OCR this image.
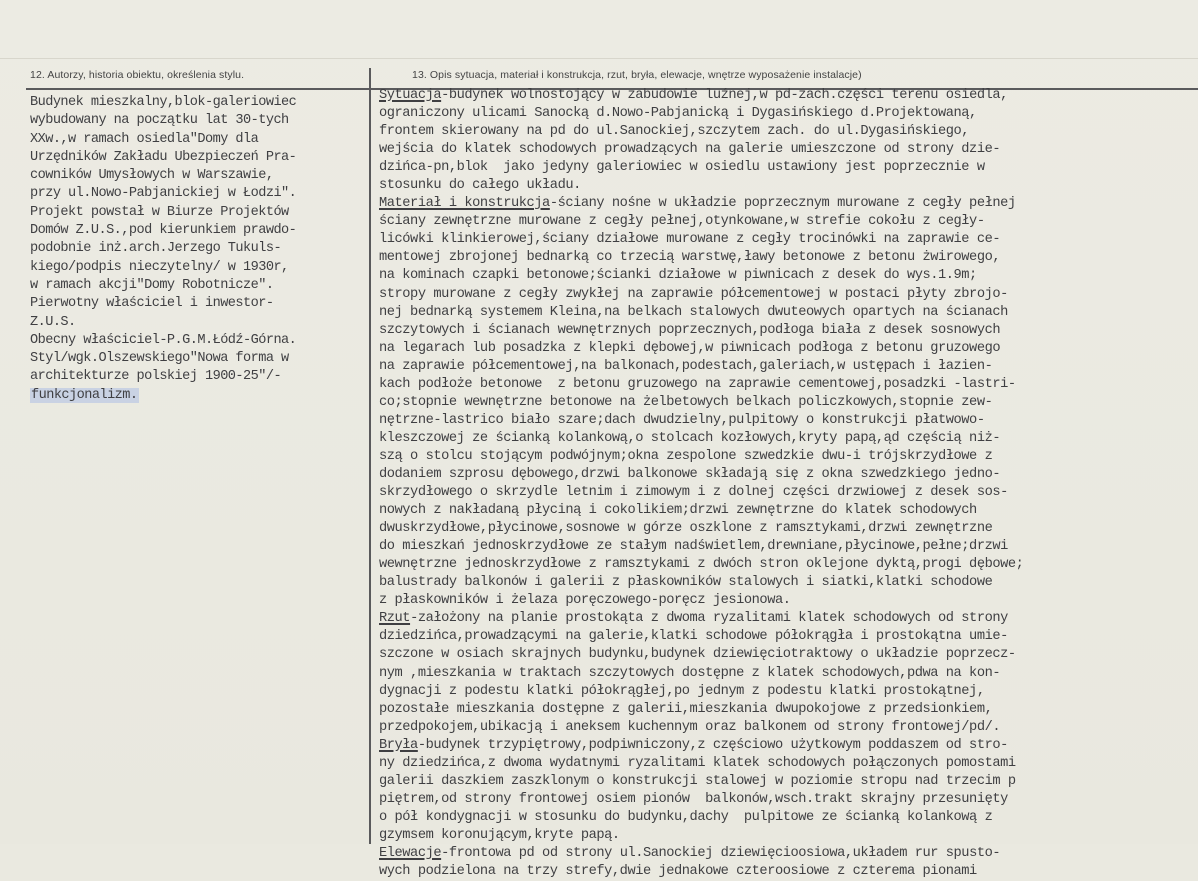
12. Autorzy, historia obiektu, określenia stylu.	13. Opis sytuacja, materiał i konstrukcja, rzut, bryła, elewacje, wnętrze wyposażenie instalacje)
Budynek mieszkalny,blok-galeriowiec
wybudowany na początku lat 30-tych
XXw.,w ramach osiedla"Domy dla
Urzędników Zakładu Ubezpieczeń Pra-
cowników Umysłowych w Warszawie,
przy ul.Nowo-Pabjanickiej w Łodzi".
Projekt powstał w Biurze Projektów
Domów Z.U.S.,pod kierunkiem prawdo-
podobnie inż.arch.Jerzego Tukuls-
kiego/podpis nieczytelny/ w 1930r,
w ramach akcji"Domy Robotnicze".
Pierwotny właściciel i inwestor-
Z.U.S.
Obecny właściciel-P.G.M.Łódź-Górna.
Styl/wgk.Olszewskiego"Nowa forma w
architekturze polskiej 1900-25"/-
funkcjonalizm.
Sytuacja-budynek wolnostojący w zabudowie luźnej,w pd-zach.części terenu osiedla,
ograniczony ulicami Sanocką d.Nowo-Pabjanicką i Dygasińskiego d.Projektowaną,
frontem skierowany na pd do ul.Sanockiej,szczytem zach. do ul.Dygasińskiego,
wejścia do klatek schodowych prowadzących na galerie umieszczone od strony dzie-
dzińca-pn,blok  jako jedyny galeriowiec w osiedlu ustawiony jest poprzecznie w
stosunku do całego układu.
Materiał i konstrukcja-ściany nośne w układzie poprzecznym murowane z cegły pełnej
ściany zewnętrzne murowane z cegły pełnej,otynkowane,w strefie cokołu z cegły-
licówki klinkierowej,ściany działowe murowane z cegły trocinówki na zaprawie ce-
mentowej zbrojonej bednarką co trzecią warstwę,ławy betonowe z betonu żwirowego,
na kominach czapki betonowe;ścianki działowe w piwnicach z desek do wys.1.9m;
stropy murowane z cegły zwykłej na zaprawie półcementowej w postaci płyty zbrojo-
nej bednarką systemem Kleina,na belkach stalowych dwuteowych opartych na ścianach
szczytowych i ścianach wewnętrznych poprzecznych,podłoga biała z desek sosnowych
na legarach lub posadzka z klepki dębowej,w piwnicach podłoga z betonu gruzowego
na zaprawie półcementowej,na balkonach,podestach,galeriach,w ustępach i łazien-
kach podłoże betonowe  z betonu gruzowego na zaprawie cementowej,posadzki -lastri-
co;stopnie wewnętrzne betonowe na żelbetowych belkach policzkowych,stopnie zew-
nętrzne-lastrico biało szare;dach dwudzielny,pulpitowy o konstrukcji płatwowo-
kleszczowej ze ścianką kolankową,o stolcach kozłowych,kryty papą,ąd częścią niż-
szą o stolcu stojącym podwójnym;okna zespolone szwedzkie dwu-i trójskrzydłowe z
dodaniem szprosu dębowego,drzwi balkonowe składają się z okna szwedzkiego jedno-
skrzydłowego o skrzydle letnim i zimowym i z dolnej części drzwiowej z desek sos-
nowych z nakładaną płyciną i cokolikiem;drzwi zewnętrzne do klatek schodowych
dwuskrzydłowe,płycinowe,sosnowe w górze oszklone z ramsztykami,drzwi zewnętrzne
do mieszkań jednoskrzydłowe ze stałym nadświetlem,drewniane,płycinowe,pełne;drzwi
wewnętrzne jednoskrzydłowe z ramsztykami z dwóch stron oklejone dyktą,progi dębowe;
balustrady balkonów i galerii z płaskowników stalowych i siatki,klatki schodowe
z płaskowników i żelaza poręczowego-poręcz jesionowa.
Rzut-założony na planie prostokąta z dwoma ryzalitami klatek schodowych od strony
dziedzińca,prowadzącymi na galerie,klatki schodowe półokrągła i prostokątna umie-
szczone w osiach skrajnych budynku,budynek dziewięciotraktowy o układzie poprzecz-
nym ,mieszkania w traktach szczytowych dostępne z klatek schodowych,pdwa na kon-
dygnacji z podestu klatki półokrągłej,po jednym z podestu klatki prostokątnej,
pozostałe mieszkania dostępne z galerii,mieszkania dwupokojowe z przedsionkiem,
przedpokojem,ubikacją i aneksem kuchennym oraz balkonem od strony frontowej/pd/.
Bryła-budynek trzypiętrowy,podpiwniczony,z częściowo użytkowym poddaszem od stro-
ny dziedzińca,z dwoma wydatnymi ryzalitami klatek schodowych połączonych pomostami
galerii daszkiem zaszklonym o konstrukcji stalowej w poziomie stropu nad trzecim p
piętrem,od strony frontowej osiem pionów  balkonów,wsch.trakt skrajny przesunięty
o pół kondygnacji w stosunku do budynku,dachy  pulpitowe ze ścianką kolankową z
gzymsem koronującym,kryte papą.
Elewacje-frontowa pd od strony ul.Sanockiej dziewięcioosiowa,układem rur spusto-
wych podzielona na trzy strefy,dwie jednakowe czteroosiowe z czterema pionami
